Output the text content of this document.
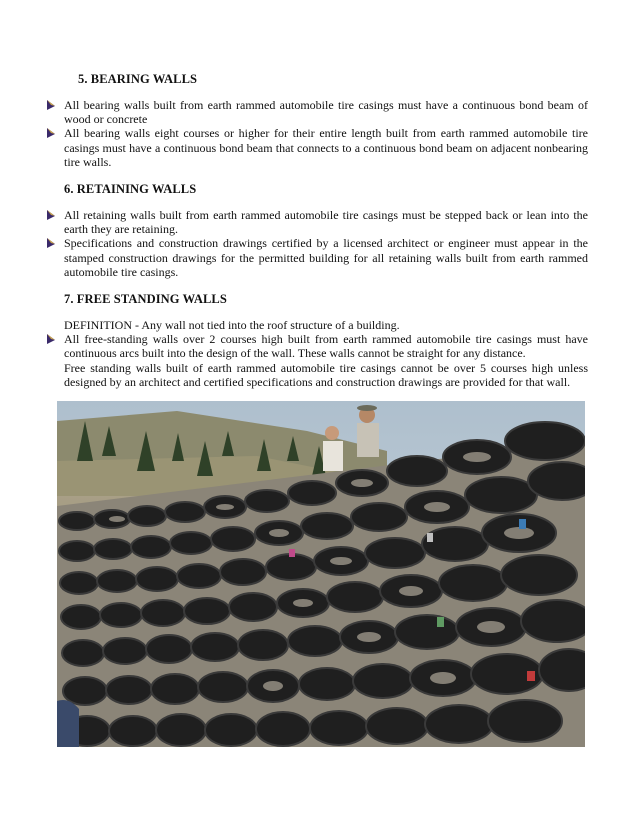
5. BEARING WALLS

All bearing walls built from earth rammed automobile tire casings must have a continuous bond beam of wood or concrete

All bearing walls eight courses or higher for their entire length built from earth rammed automobile tire casings must have a continuous bond beam that connects to a continuous bond beam on adjacent nonbearing tire walls.

6. RETAINING WALLS

All retaining walls built from earth rammed automobile tire casings must be stepped back or lean into the earth they are retaining.

Specifications and construction drawings certified by a licensed architect or engineer must appear in the stamped construction drawings for the permitted building for all retaining walls built from earth rammed automobile tire casings.

7. FREE STANDING WALLS

DEFINITION - Any wall not tied into the roof structure of a building.

All free-standing walls over 2 courses high built from earth rammed automobile tire casings must have continuous arcs built into the design of the wall. These walls cannot be straight for any distance.

Free standing walls built of earth rammed automobile tire casings cannot be over 5 courses high unless designed by an architect and certified specifications and construction drawings are provided for that wall.
